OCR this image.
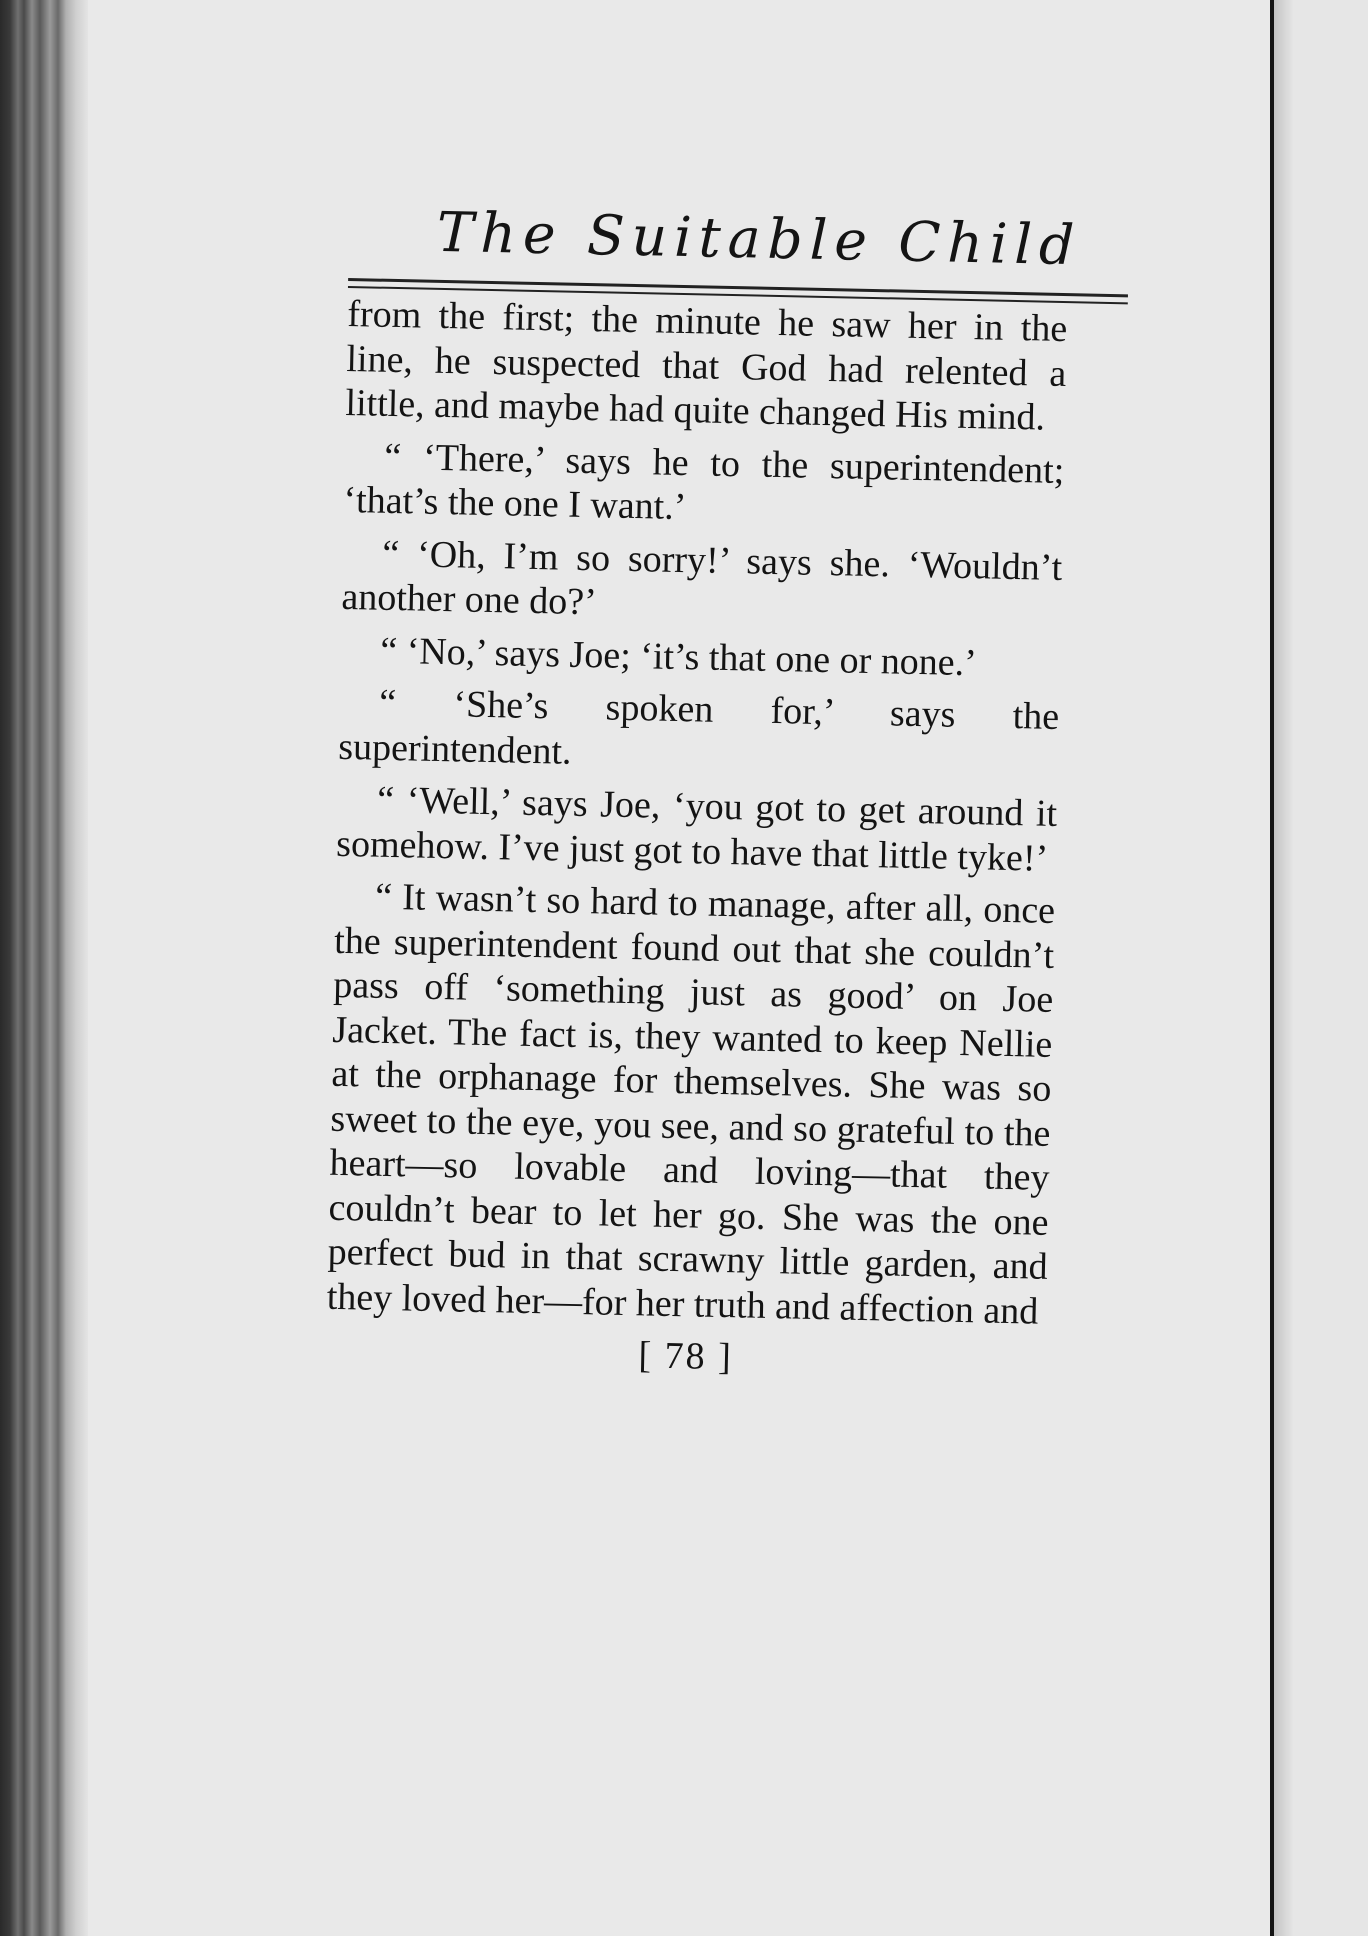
The Suitable Child

from the first; the minute he saw her in the line, he suspected that God had relented a little, and maybe had quite changed His mind.

“ ‘There,’ says he to the superintendent; ‘that’s the one I want.’

“ ‘Oh, I’m so sorry!’ says she. ‘Wouldn’t another one do?’

“ ‘No,’ says Joe; ‘it’s that one or none.’

“ ‘She’s spoken for,’ says the superintendent.

“ ‘Well,’ says Joe, ‘you got to get around it somehow. I’ve just got to have that little tyke!’

“ It wasn’t so hard to manage, after all, once the superintendent found out that she couldn’t pass off ‘something just as good’ on Joe Jacket. The fact is, they wanted to keep Nellie at the orphanage for themselves. She was so sweet to the eye, you see, and so grateful to the heart—so lovable and loving—that they couldn’t bear to let her go. She was the one perfect bud in that scrawny little garden, and they loved her—for her truth and affection and

[ 78 ]
